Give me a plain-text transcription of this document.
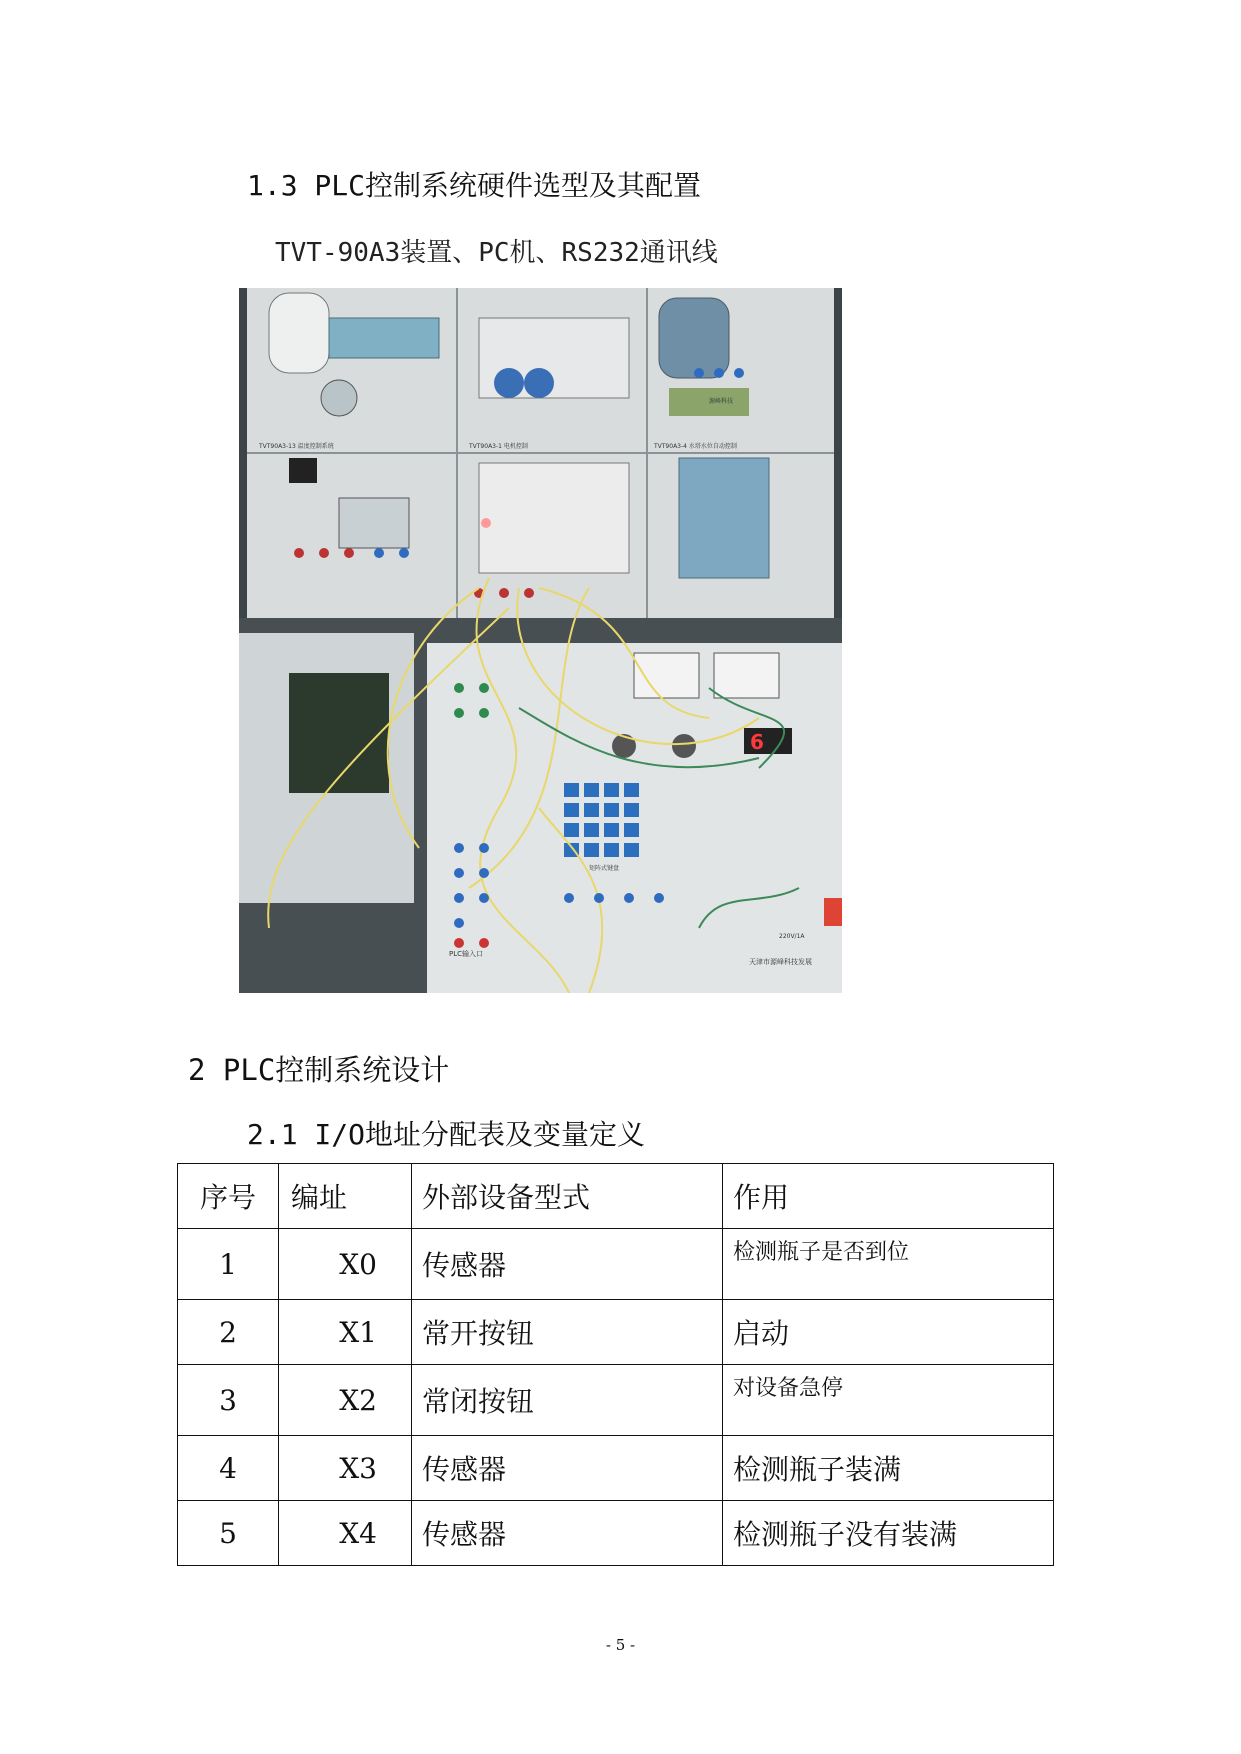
1.3 PLC控制系统硬件选型及其配置
TVT-90A3装置、PC机、RS232通讯线
TVT90A3-13 温度控制系统	TVT90A3-1 电机控制	TVT90A3-4 水塔水位自动控制
6
矩阵式键盘
PLC输入口
220V/1A
天津市源峰科技发展
源峰科技
2 PLC控制系统设计
2.1 I/O地址分配表及变量定义
序号	编址	外部设备型式	作用
1	X0	传感器	检测瓶子是否到位
2	X1	常开按钮	启动
3	X2	常闭按钮	对设备急停
4	X3	传感器	检测瓶子装满
5	X4	传感器	检测瓶子没有装满
- 5 -
